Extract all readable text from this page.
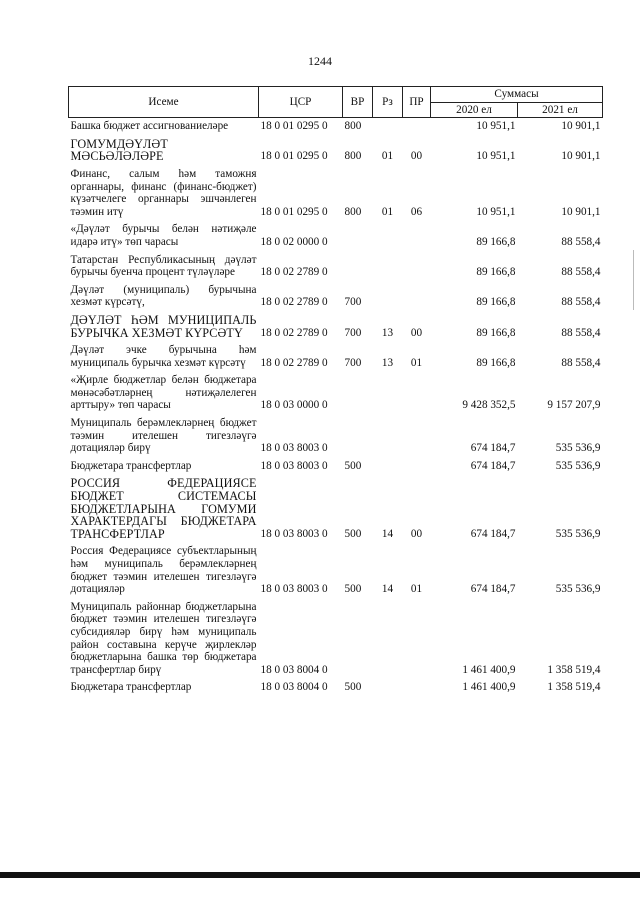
1244
Исеме	ЦСР	ВР	Рз	ПР	Суммасы	
					2020 ел	2021 ел
Башка бюджет ассигнованиеләре	18 0 01 0295 0	800			10 951,1	10 901,1
ГОМУМДӘҮЛӘТ МӘСЬӘЛӘЛӘРЕ	18 0 01 0295 0	800	01	00	10 951,1	10 901,1
Финанс, салым һәм таможня органнары, финанс (финанс-бюджет) күзәтчелеге органнары эшчәнлеген тәэмин итү	18 0 01 0295 0	800	01	06	10 951,1	10 901,1
«Дәүләт бурычы белән нәтиҗәле идарә итү» төп чарасы	18 0 02 0000 0				89 166,8	88 558,4
Татарстан Республикасының дәүләт бурычы буенча процент түләүләре	18 0 02 2789 0				89 166,8	88 558,4
Дәүләт (муниципаль) бурычына хезмәт күрсәтү,	18 0 02 2789 0	700			89 166,8	88 558,4
ДӘҮЛӘТ ҺӘМ МУНИЦИПАЛЬ БУРЫЧКА ХЕЗМӘТ КҮРСӘТҮ	18 0 02 2789 0	700	13	00	89 166,8	88 558,4
Дәүләт эчке бурычына һәм муниципаль бурычка хезмәт күрсәтү	18 0 02 2789 0	700	13	01	89 166,8	88 558,4
«Җирле бюджетлар белән бюджетара мөнәсәбәтләрнең нәтиҗәлелеген арттыру» төп чарасы	18 0 03 0000 0				9 428 352,5	9 157 207,9
Муниципаль берәмлекләрнең бюджет тәэмин ителешен тигезләүгә дотацияләр бирү	18 0 03 8003 0				674 184,7	535 536,9
Бюджетара трансфертлар	18 0 03 8003 0	500			674 184,7	535 536,9
РОССИЯ ФЕДЕРАЦИЯСЕ БЮДЖЕТ СИСТЕМАСЫ БЮДЖЕТЛАРЫНА ГОМУМИ ХАРАКТЕРДАГЫ БЮДЖЕТАРА ТРАНСФЕРТЛАР	18 0 03 8003 0	500	14	00	674 184,7	535 536,9
Россия Федерациясе субъектларының һәм муниципаль берәмлекләрнең бюджет тәэмин ителешен тигезләүгә дотацияләр	18 0 03 8003 0	500	14	01	674 184,7	535 536,9
Муниципаль районнар бюджетларына бюджет тәэмин ителешен тигезләүгә субсидияләр бирү һәм муниципаль район составына керүче җирлекләр бюджетларына башка төр бюджетара трансфертлар бирү	18 0 03 8004 0				1 461 400,9	1 358 519,4
Бюджетара трансфертлар	18 0 03 8004 0	500			1 461 400,9	1 358 519,4
